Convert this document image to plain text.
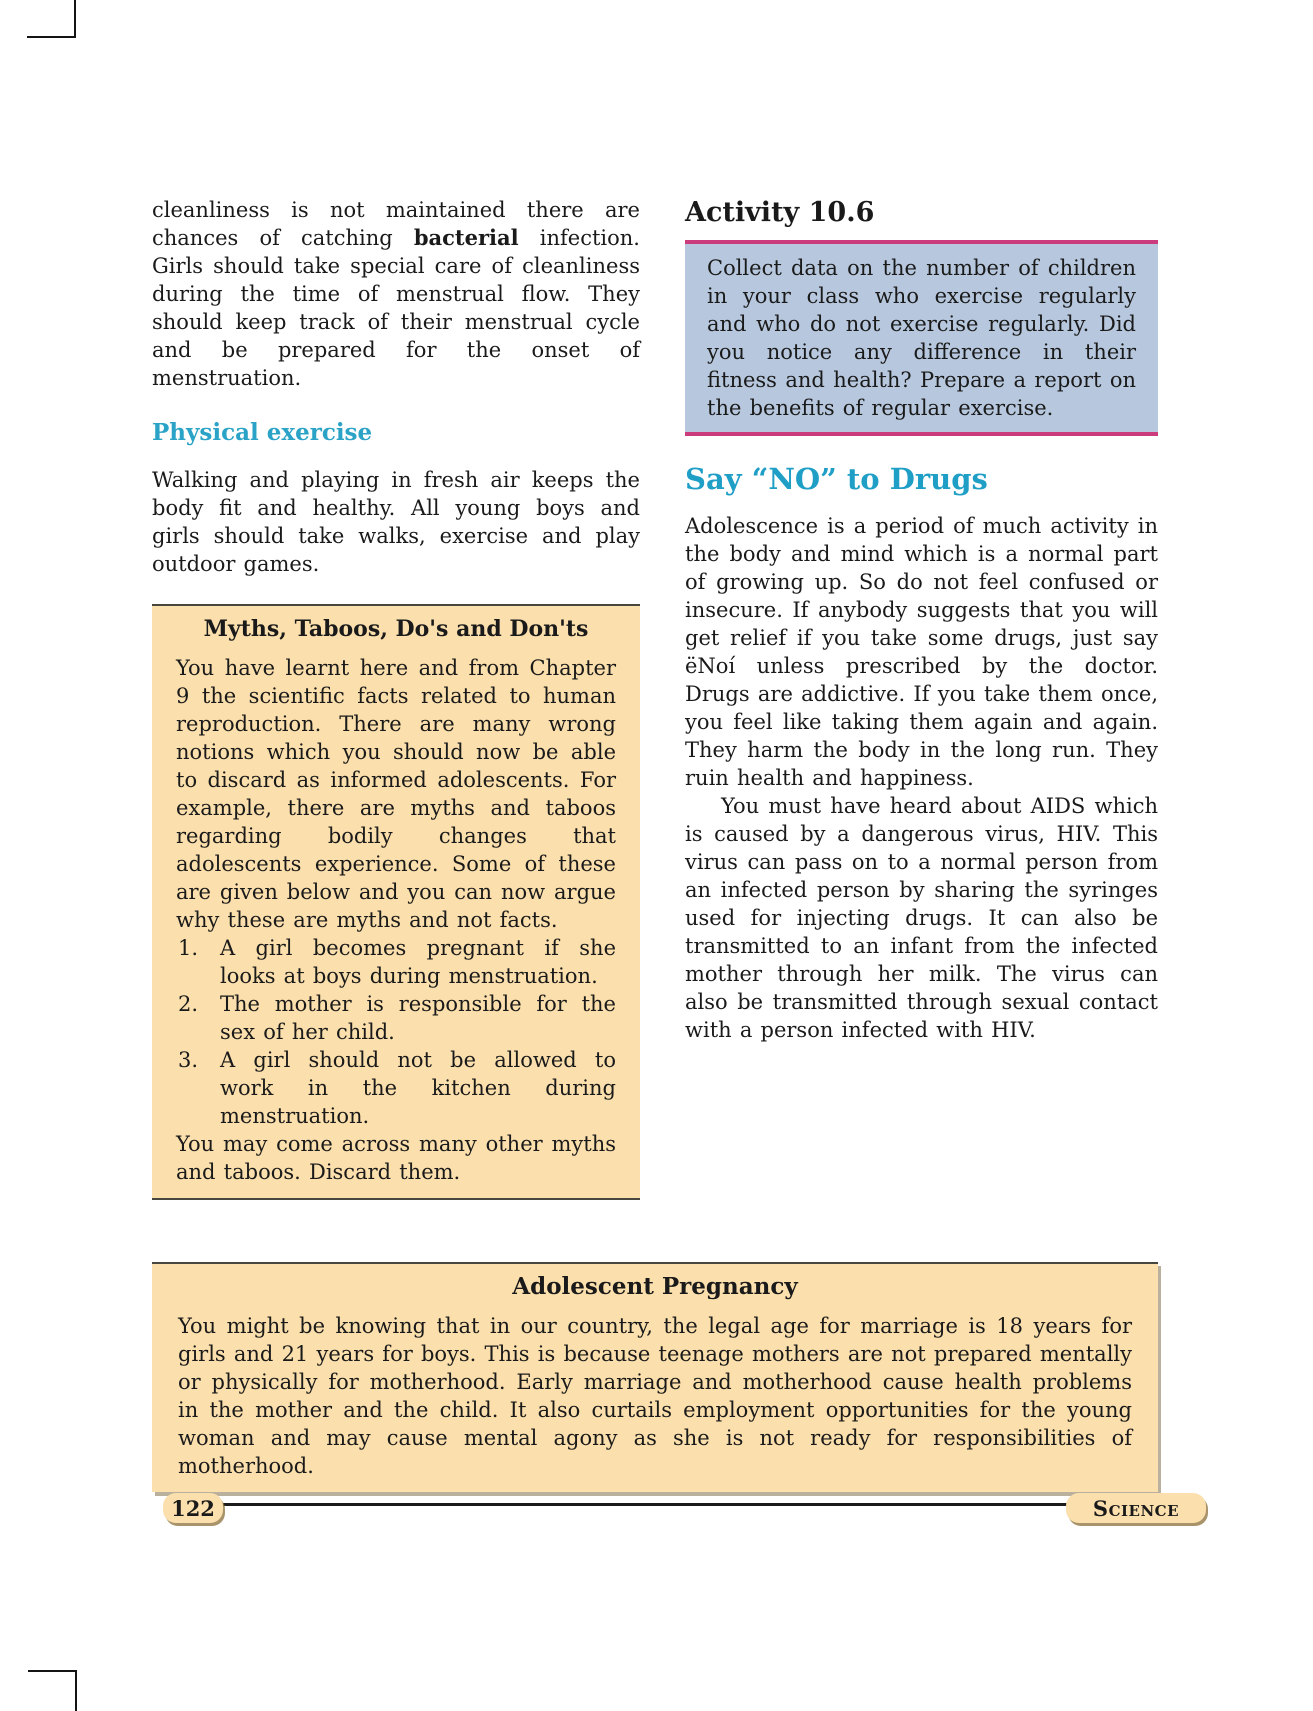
cleanliness is not maintained there are chances of catching bacterial infection. Girls should take special care of cleanliness during the time of menstrual flow. They should keep track of their menstrual cycle and be prepared for the onset of menstruation.

Physical exercise

Walking and playing in fresh air keeps the body fit and healthy. All young boys and girls should take walks, exercise and play outdoor games.

Myths, Taboos, Do's and Don'ts

You have learnt here and from Chapter 9 the scientific facts related to human reproduction. There are many wrong notions which you should now be able to discard as informed adolescents. For example, there are myths and taboos regarding bodily changes that adolescents experience. Some of these are given below and you can now argue why these are myths and not facts.

1. A girl becomes pregnant if she looks at boys during menstruation.
2. The mother is responsible for the sex of her child.
3. A girl should not be allowed to work in the kitchen during menstruation.

You may come across many other myths and taboos. Discard them.

Activity 10.6

Collect data on the number of children in your class who exercise regularly and who do not exercise regularly. Did you notice any difference in their fitness and health? Prepare a report on the benefits of regular exercise.

Say “NO” to Drugs

Adolescence is a period of much activity in the body and mind which is a normal part of growing up. So do not feel confused or insecure. If anybody suggests that you will get relief if you take some drugs, just say ëNoí unless prescribed by the doctor. Drugs are addictive. If you take them once, you feel like taking them again and again. They harm the body in the long run. They ruin health and happiness.

You must have heard about AIDS which is caused by a dangerous virus, HIV. This virus can pass on to a normal person from an infected person by sharing the syringes used for injecting drugs. It can also be transmitted to an infant from the infected mother through her milk. The virus can also be transmitted through sexual contact with a person infected with HIV.

Adolescent Pregnancy

You might be knowing that in our country, the legal age for marriage is 18 years for girls and 21 years for boys. This is because teenage mothers are not prepared mentally or physically for motherhood. Early marriage and motherhood cause health problems in the mother and the child. It also curtails employment opportunities for the young woman and may cause mental agony as she is not ready for responsibilities of motherhood.

122	Science
